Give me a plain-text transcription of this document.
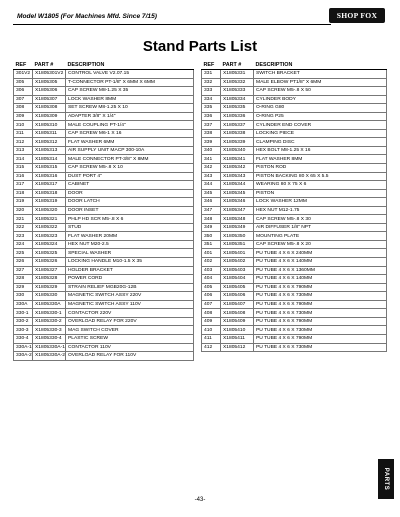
Model W1805 (For Machines Mfd. Since 7/15)	SHOP FOX
Stand Parts List
REF	PART #	DESCRIPTION
301V2	X1805301V2	CONTROL VALVE V2.07.15
305	X1805305	T-CONNECTOR PT-1/8" X 6MM X 6MM
306	X1805306	CAP SCREW M8-1.25 X 35
307	X1805307	LOCK WASHER 8MM
308	X1805308	SET SCREW M8-1.25 X 10
309	X1805309	ADAPTER 3/8" X 1/4"
310	X1805310	MALE COUPLING PT-1/4"
311	X1805311	CAP SCREW M6-1 X 16
312	X1805312	FLAT WASHER 6MM
313	X1805313	AIR SUPPLY UNIT MACP 300-10A
314	X1805314	MALE CONNECTOR PT-3/8" X 8MM
315	X1805315	CAP SCREW M5-.8 X 10
316	X1805316	DUST PORT 4"
317	X1805317	CABINET
318	X1805318	DOOR
319	X1805319	DOOR LATCH
320	X1805320	DOOR INSET
321	X1805321	PHLP HD SCR M5-.8 X 6
322	X1805322	STUD
323	X1805323	FLAT WASHER 20MM
324	X1805324	HEX NUT M20-2.5
325	X1805325	SPECIAL WASHER
326	X1805326	LOCKING HANDLE M10-1.5 X 35
327	X1805327	HOLDER BRACKET
328	X1805328	POWER CORD
329	X1805329	STRAIN RELIEF MGB20G-12B
330	X1805330	MAGNETIC SWITCH ASSY 220V
330A	X1805330A	MAGNETIC SWITCH ASSY 110V
330-1	X1805330-1	CONTACTOR 220V
330-2	X1805330-2	OVERLOAD RELAY FOR 220V
330-3	X1805330-3	MAG SWITCH COVER
330-4	X1805330-4	PLASTIC SCREW
330A-1	X1805330A-1	CONTACTOR 110V
330A-2	X1805330A-2	OVERLOAD RELAY FOR 110V
REF	PART #	DESCRIPTION
331	X1805331	SWITCH BRACKET
332	X1805332	MALE ELBOW PT1/8" X 6MM
333	X1805333	CAP SCREW M5-.8 X 50
334	X1805334	CYLINDER BODY
335	X1805335	O-RING G80
336	X1805336	O-RING P25
337	X1805337	CYLINDER END COVER
338	X1805338	LOCKING PIECE
339	X1805339	CLAMPING DISC
340	X1805340	HEX BOLT M8-1.25 X 16
341	X1805341	FLAT WASHER 8MM
342	X1805342	PISTON ROD
343	X1805343	PISTON BACKING 80 X 65 X 5.5
344	X1805344	WEARING 80 X 75 X 6
345	X1805345	PISTON
346	X1805346	LOCK WASHER 12MM
347	X1805347	HEX NUT M12-1.75
348	X1805348	CAP SCREW M5-.8 X 30
349	X1805349	AIR DIFFUSER 1/8" NPT
350	X1805350	MOUNTING PLATE
351	X1805351	CAP SCREW M5-.8 X 20
401	X1805401	PU TUBE 4 X 6 X 240MM
402	X1805402	PU TUBE 4 X 6 X 140MM
403	X1805403	PU TUBE 4 X 6 X 1360MM
404	X1805404	PU TUBE 4 X 6 X 140MM
405	X1805405	PU TUBE 4 X 6 X 790MM
406	X1805406	PU TUBE 4 X 6 X 730MM
407	X1805407	PU TUBE 4 X 6 X 790MM
408	X1805408	PU TUBE 4 X 6 X 730MM
409	X1805409	PU TUBE 4 X 6 X 790MM
410	X1805410	PU TUBE 4 X 6 X 730MM
411	X1805411	PU TUBE 4 X 6 X 790MM
412	X1805412	PU TUBE 4 X 6 X 730MM
PARTS
-43-
